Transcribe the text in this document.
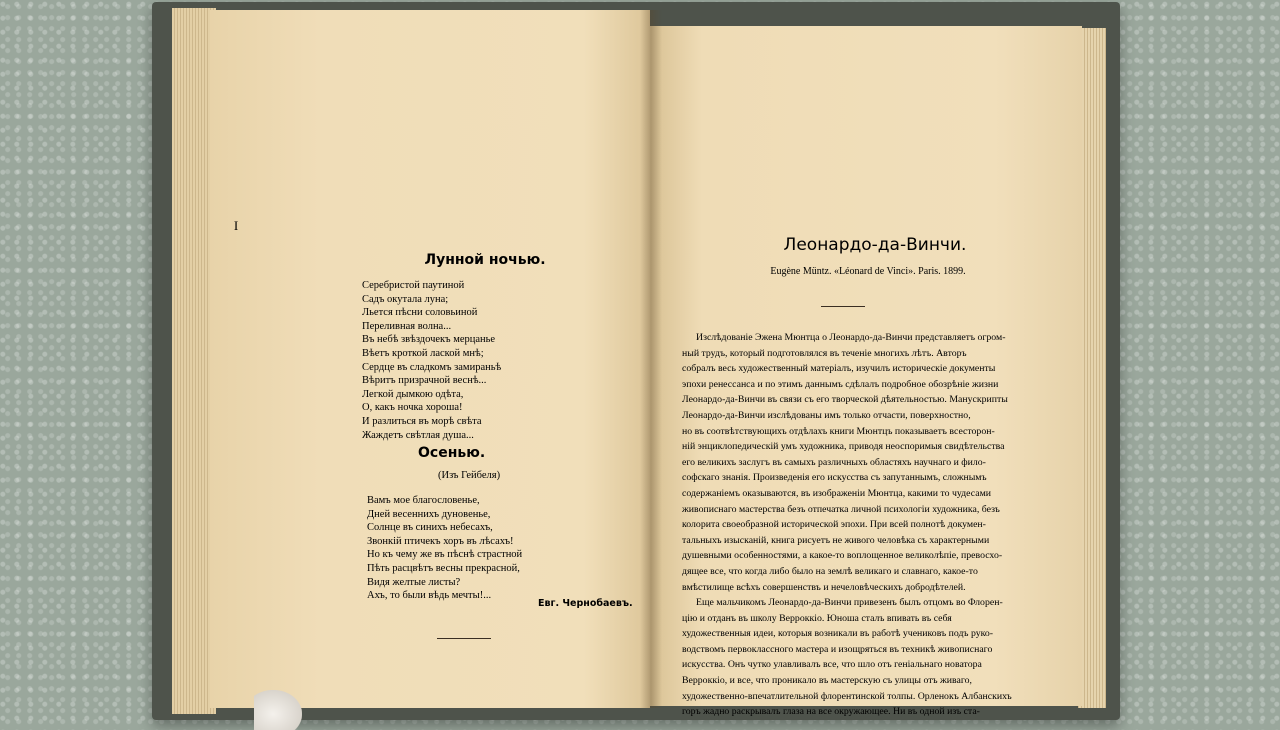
I
Лунной ночью.
Серебристой паутиной
Садъ окутала луна;
Льется пѣсни соловьиной
Переливная волна...
Въ небѣ звѣздочекъ мерцанье
Вѣетъ кроткой лаской мнѣ;
Сердце въ сладкомъ замираньѣ
Вѣритъ призрачной веснѣ...
Легкой дымкою одѣта,
О, какъ ночка хороша!
И разлиться въ морѣ свѣта
Жаждетъ свѣтлая душа...
Осенью.
(Изъ Гейбеля)
Вамъ мое благословенье,
Дней весеннихъ дуновенье,
Солнце въ синихъ небесахъ,
Звонкій птичекъ хоръ въ лѣсахъ!
Но къ чему же въ пѣснѣ страстной
Пѣть расцвѣтъ весны прекрасной,
Видя желтые листы?
Ахъ, то были вѣдь мечты!...
Евг. Чернобаевъ.
Леонардо-да-Винчи.
Eugène Müntz. «Léonard de Vinci». Paris. 1899.
Изслѣдованіе Эжена Мюнтца о Леонардо-да-Винчи представляетъ огром-
ный трудъ, который подготовлялся въ теченіе многихъ лѣтъ. Авторъ
собралъ весь художественный матеріалъ, изучилъ историческіе документы
эпохи ренессанса и по этимъ даннымъ сдѣлалъ подробное обозрѣніе жизни
Леонардо-да-Винчи въ связи съ его творческой дѣятельностью. Манускрипты
Леонардо-да-Винчи изслѣдованы имъ только отчасти, поверхностно,
но въ соотвѣтствующихъ отдѣлахъ книги Мюнтцъ показываетъ всесторон-
ній энциклопедическій умъ художника, приводя неоспоримыя свидѣтельства
его великихъ заслугъ въ самыхъ различныхъ областяхъ научнаго и фило-
софскаго знанія. Произведенія его искусства съ запутаннымъ, сложнымъ
содержаніемъ оказываются, въ изображеніи Мюнтца, какими то чудесами
живописнаго мастерства безъ отпечатка личной психологіи художника, безъ
колорита своеобразной исторической эпохи. При всей полнотѣ докумен-
тальныхъ изысканій, книга рисуетъ не живого человѣка съ характерными
душевными особенностями, а какое-то воплощенное великолѣпіе, превосхо-
дящее все, что когда либо было на землѣ великаго и славнаго, какое-то
вмѣстилище всѣхъ совершенствъ и нечеловѣческихъ добродѣтелей.
Еще мальчикомъ Леонардо-да-Винчи привезенъ былъ отцомъ во Флорен-
цію и отданъ въ школу Верроккіо. Юноша сталъ впивать въ себя
художественныя идеи, которыя возникали въ работѣ учениковъ подъ руко-
водствомъ первоклассного мастера и изощряться въ техникѣ живописнаго
искусства. Онъ чутко улавливалъ все, что шло отъ геніальнаго новатора
Верроккіо, и все, что проникало въ мастерскую съ улицы отъ живаго,
художественно-впечатлительной флорентинской толпы. Орленокъ Албанскихъ
горъ жадно раскрывалъ глаза на все окружающее. Ни въ одной изъ ста-
